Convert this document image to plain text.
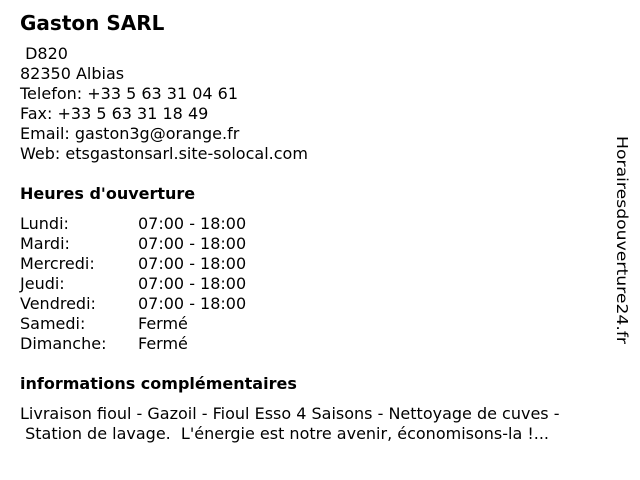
Gaston SARL
D820
82350 Albias
Telefon: +33 5 63 31 04 61
Fax: +33 5 63 31 18 49
Email: gaston3g@orange.fr
Web: etsgastonsarl.site-solocal.com
Heures d'ouverture
Lundi:	07:00 - 18:00
Mardi:	07:00 - 18:00
Mercredi:	07:00 - 18:00
Jeudi:	07:00 - 18:00
Vendredi:	07:00 - 18:00
Samedi:	Fermé
Dimanche: Fermé
informations complémentaires
Livraison fioul - Gazoil - Fioul Esso 4 Saisons - Nettoyage de cuves -
Station de lavage.  L'énergie est notre avenir, économisons-la !...
Horairesdouverture24.fr
